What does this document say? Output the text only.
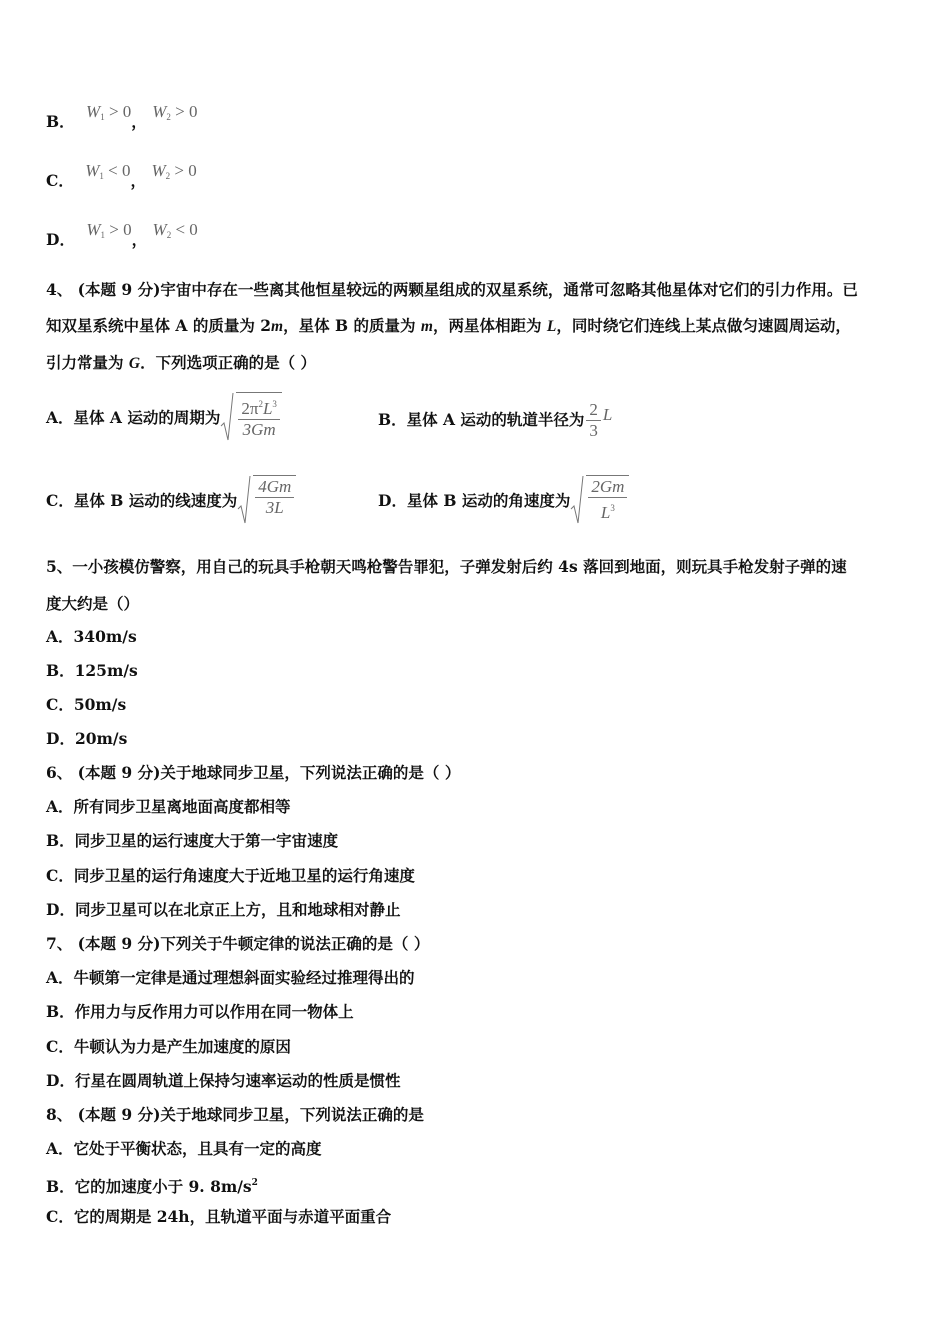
B． $W_1 > 0$， $W_2 > 0$
C． $W_1 < 0$， $W_2 > 0$
D． $W_1 > 0$， $W_2 < 0$
4、 (本题 9 分)宇宙中存在一些离其他恒星较远的两颗星组成的双星系统，通常可忽略其他星体对它们的引力作用。已
知双星系统中星体 A 的质量为 2m，星体 B 的质量为 m，两星体相距为 L，同时绕它们连线上某点做匀速圆周运动，
引力常量为 G．下列选项正确的是（ ）
A．星体 A 运动的周期为 $\frac{2\pi^2L^3}{3Gm}$	B．星体 A 运动的轨道半径为 $\frac{2}{3}$ L
C．星体 B 运动的线速度为 $\frac{4Gm}{3L}$	D．星体 B 运动的角速度为 $\frac{2Gm}{L^3}$
5、一小孩模仿警察，用自己的玩具手枪朝天鸣枪警告罪犯，子弹发射后约 4s 落回到地面，则玩具手枪发射子弹的速
度大约是（）
A．340m/s
B．125m/s
C．50m/s
D．20m/s
6、 (本题 9 分)关于地球同步卫星，下列说法正确的是（ ）
A．所有同步卫星离地面高度都相等
B．同步卫星的运行速度大于第一宇宙速度
C．同步卫星的运行角速度大于近地卫星的运行角速度
D．同步卫星可以在北京正上方，且和地球相对静止
7、 (本题 9 分)下列关于牛顿定律的说法正确的是（ ）
A．牛顿第一定律是通过理想斜面实验经过推理得出的
B．作用力与反作用力可以作用在同一物体上
C．牛顿认为力是产生加速度的原因
D．行星在圆周轨道上保持匀速率运动的性质是惯性
8、 (本题 9 分)关于地球同步卫星，下列说法正确的是
A．它处于平衡状态，且具有一定的高度
B．它的加速度小于 9. $8m/s^2$
C．它的周期是 24h，且轨道平面与赤道平面重合
